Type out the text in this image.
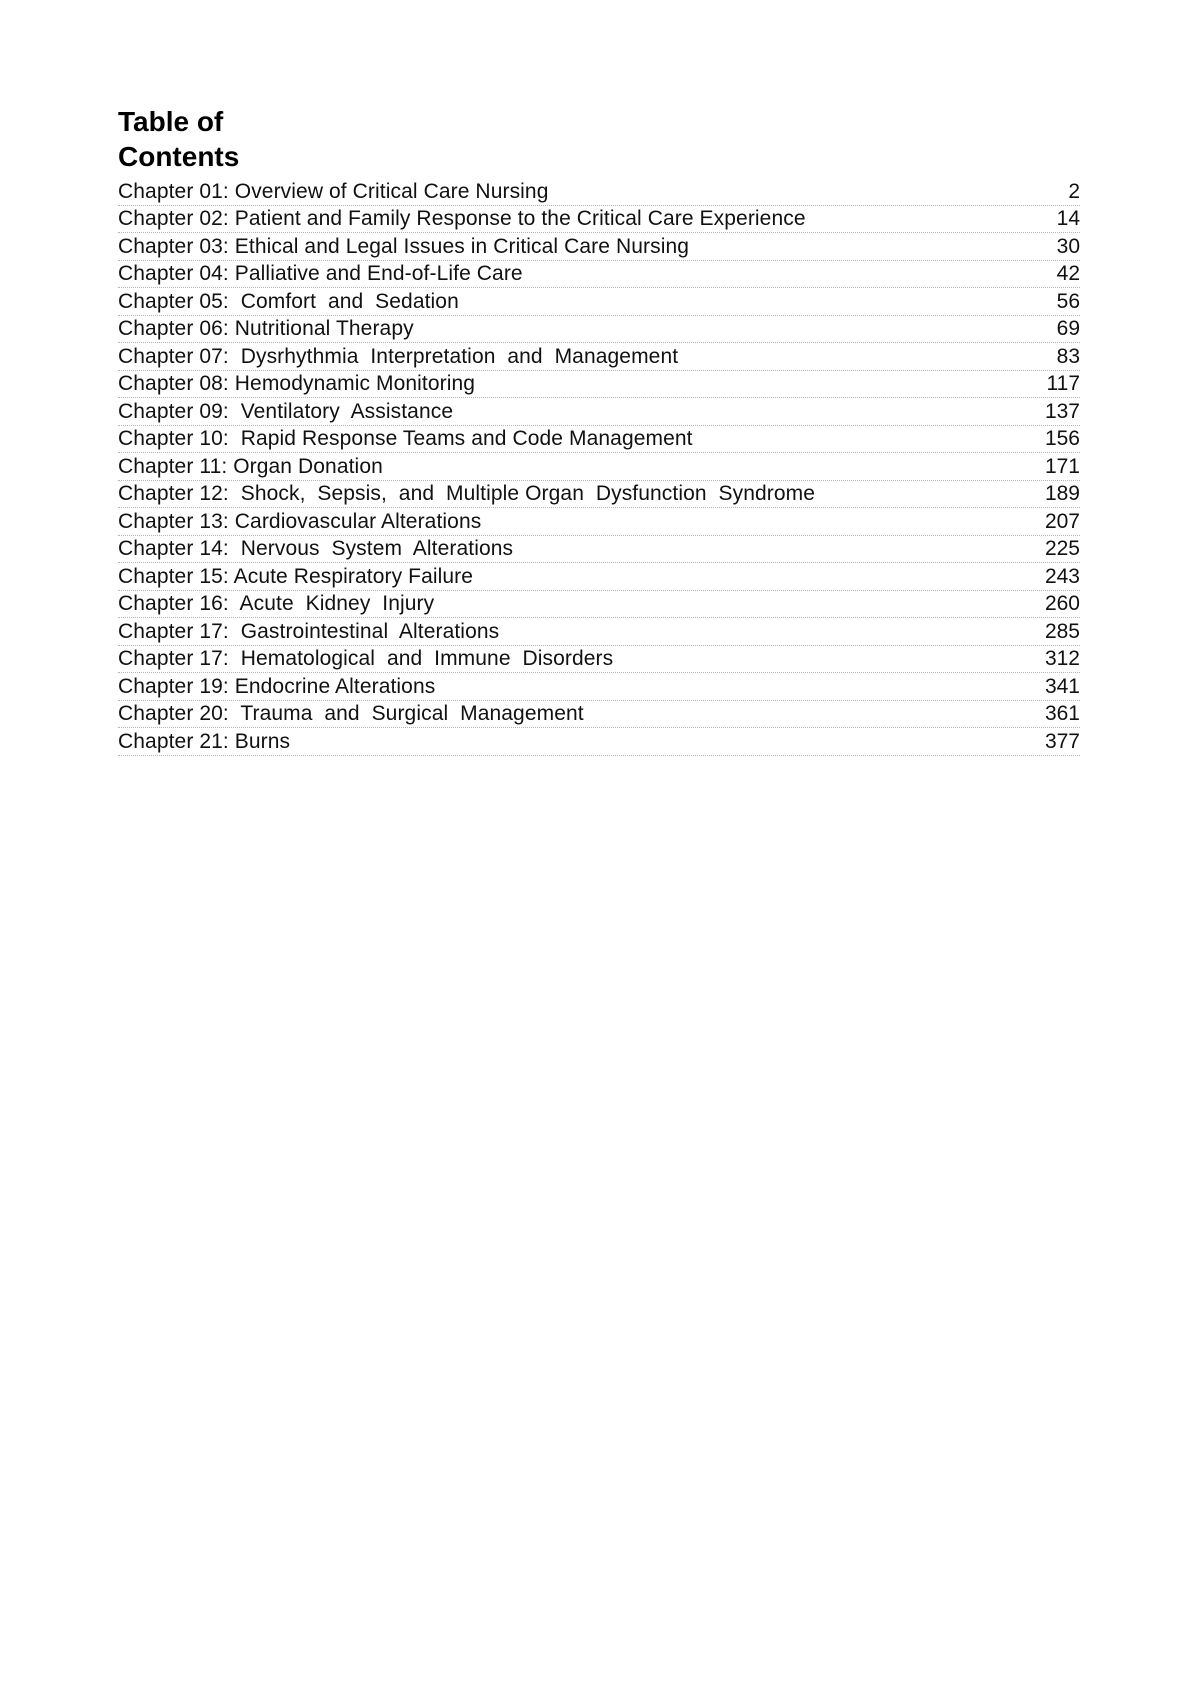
Table of Contents
Chapter 01: Overview of Critical Care Nursing	2
Chapter 02: Patient and Family Response to the Critical Care Experience	14
Chapter 03: Ethical and Legal Issues in Critical Care Nursing	30
Chapter 04: Palliative and End-of-Life Care	42
Chapter 05:  Comfort  and  Sedation	56
Chapter 06: Nutritional Therapy	69
Chapter 07:  Dysrhythmia  Interpretation  and  Management	83
Chapter 08: Hemodynamic Monitoring	117
Chapter 09:  Ventilatory  Assistance	137
Chapter 10:  Rapid Response Teams and Code Management	156
Chapter 11: Organ Donation	171
Chapter 12:  Shock,  Sepsis,  and  Multiple Organ  Dysfunction  Syndrome	189
Chapter 13: Cardiovascular Alterations	207
Chapter 14:  Nervous  System  Alterations	225
Chapter 15: Acute Respiratory Failure	243
Chapter 16:  Acute  Kidney  Injury	260
Chapter 17:  Gastrointestinal  Alterations	285
Chapter 17:  Hematological  and  Immune  Disorders	312
Chapter 19: Endocrine Alterations	341
Chapter 20:  Trauma  and  Surgical  Management	361
Chapter 21: Burns	377
